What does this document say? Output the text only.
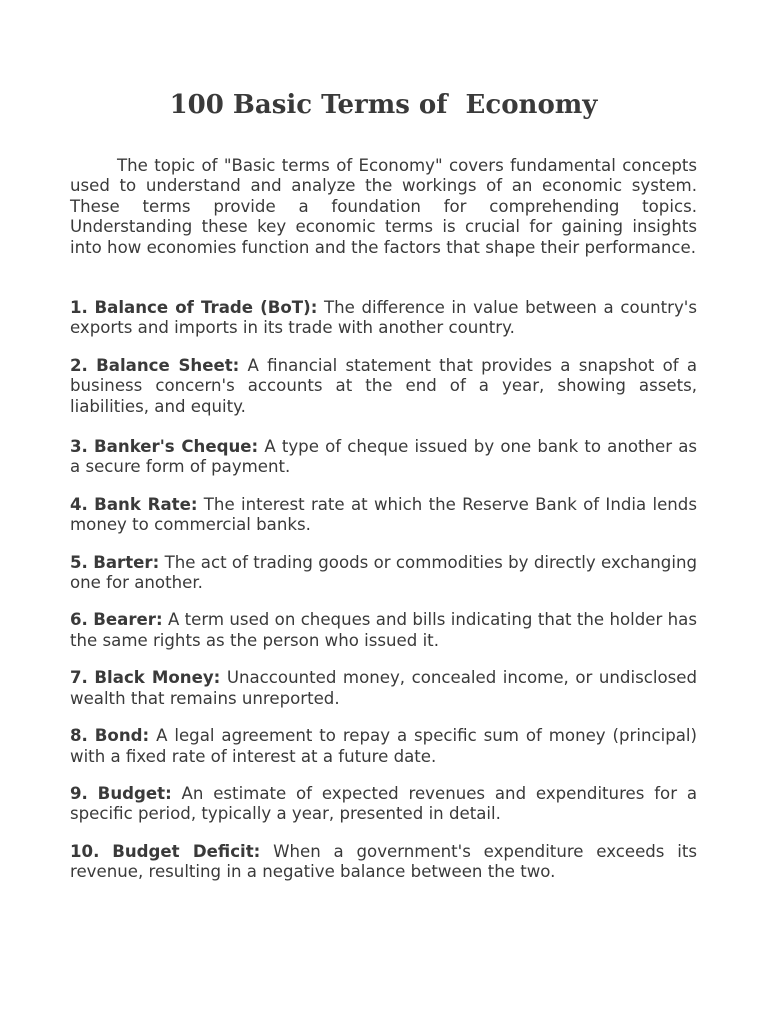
100 Basic Terms of  Economy

The topic of "Basic terms of Economy" covers fundamental concepts used to understand and analyze the workings of an economic system. These terms provide a foundation for comprehending topics. Understanding these key economic terms is crucial for gaining insights into how economies function and the factors that shape their performance.

1. Balance of Trade (BoT): The difference in value between a country's exports and imports in its trade with another country.
2. Balance Sheet: A financial statement that provides a snapshot of a business concern's accounts at the end of a year, showing assets, liabilities, and equity.
3. Banker's Cheque: A type of cheque issued by one bank to another as a secure form of payment.
4. Bank Rate: The interest rate at which the Reserve Bank of India lends money to commercial banks.
5. Barter: The act of trading goods or commodities by directly exchanging one for another.
6. Bearer: A term used on cheques and bills indicating that the holder has the same rights as the person who issued it.
7. Black Money: Unaccounted money, concealed income, or undisclosed wealth that remains unreported.
8. Bond: A legal agreement to repay a specific sum of money (principal) with a fixed rate of interest at a future date.
9. Budget: An estimate of expected revenues and expenditures for a specific period, typically a year, presented in detail.
10. Budget Deficit: When a government's expenditure exceeds its revenue, resulting in a negative balance between the two.
